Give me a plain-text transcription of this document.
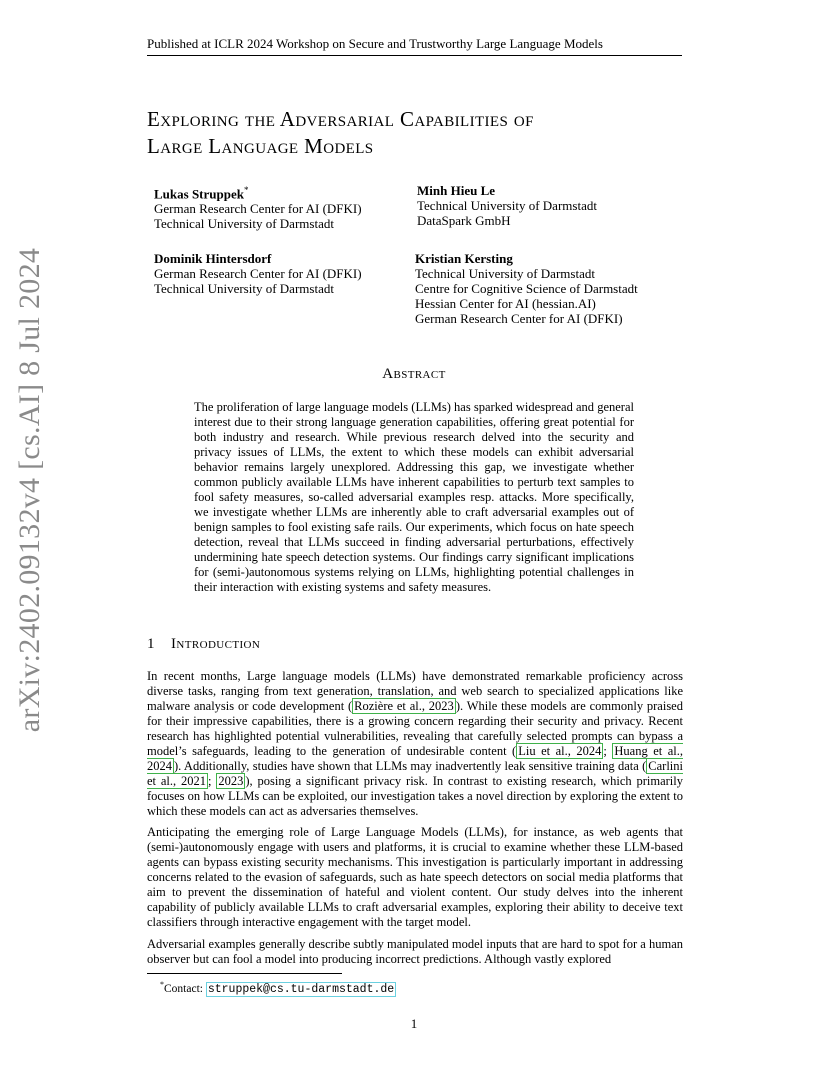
arXiv:2402.09132v4 [cs.AI] 8 Jul 2024
Published at ICLR 2024 Workshop on Secure and Trustworthy Large Language Models
Exploring the Adversarial Capabilities of
Large Language Models
Lukas Struppek*
German Research Center for AI (DFKI)
Technical University of Darmstadt
Minh Hieu Le
Technical University of Darmstadt
DataSpark GmbH
Dominik Hintersdorf
German Research Center for AI (DFKI)
Technical University of Darmstadt
Kristian Kersting
Technical University of Darmstadt
Centre for Cognitive Science of Darmstadt
Hessian Center for AI (hessian.AI)
German Research Center for AI (DFKI)
Abstract
The proliferation of large language models (LLMs) has sparked widespread and general interest due to their strong language generation capabilities, offering great potential for both industry and research. While previous research delved into the security and privacy issues of LLMs, the extent to which these models can exhibit adversarial behavior remains largely unexplored. Addressing this gap, we investigate whether common publicly available LLMs have inherent capabilities to perturb text samples to fool safety measures, so-called adversarial examples resp. attacks. More specifically, we investigate whether LLMs are inherently able to craft adversarial examples out of benign samples to fool existing safe rails. Our experiments, which focus on hate speech detection, reveal that LLMs succeed in finding adversarial perturbations, effectively undermining hate speech detection systems. Our findings carry significant implications for (semi-)autonomous systems relying on LLMs, highlighting potential challenges in their interaction with existing systems and safety measures.
1 Introduction
In recent months, Large language models (LLMs) have demonstrated remarkable proficiency across diverse tasks, ranging from text generation, translation, and web search to specialized applications like malware analysis or code development ( Rozière et al., 2023 ). While these models are commonly praised for their impressive capabilities, there is a growing concern regarding their security and privacy. Recent research has highlighted potential vulnerabilities, revealing that carefully selected prompts can bypass a model’s safeguards, leading to the generation of undesirable content ( Liu et al., 2024 ; Huang et al., 2024 ). Additionally, studies have shown that LLMs may inadvertently leak sensitive training data ( Carlini et al., 2021 ; 2023 ), posing a significant privacy risk. In contrast to existing research, which primarily focuses on how LLMs can be exploited, our investigation takes a novel direction by exploring the extent to which these models can act as adversaries themselves.
Anticipating the emerging role of Large Language Models (LLMs), for instance, as web agents that (semi-)autonomously engage with users and platforms, it is crucial to examine whether these LLM-based agents can bypass existing security mechanisms. This investigation is particularly important in addressing concerns related to the evasion of safeguards, such as hate speech detectors on social media platforms that aim to prevent the dissemination of hateful and violent content. Our study delves into the inherent capability of publicly available LLMs to craft adversarial examples, exploring their ability to deceive text classifiers through interactive engagement with the target model.
Adversarial examples generally describe subtly manipulated model inputs that are hard to spot for a human observer but can fool a model into producing incorrect predictions. Although vastly explored
*Contact: struppek@cs.tu-darmstadt.de
1
